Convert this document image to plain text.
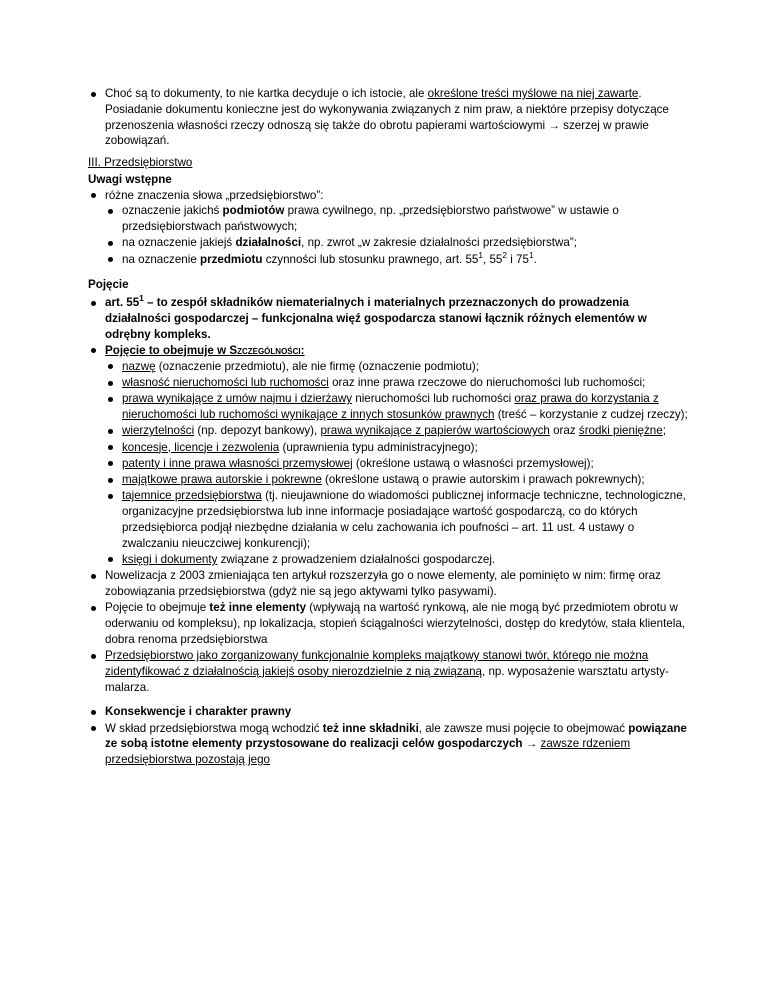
Choć są to dokumenty, to nie kartka decyduje o ich istocie, ale określone treści myślowe na niej zawarte. Posiadanie dokumentu konieczne jest do wykonywania związanych z nim praw, a niektóre przepisy dotyczące przenoszenia własności rzeczy odnoszą się także do obrotu papierami wartościowymi → szerzej w prawie zobowiązań.
III. Przedsiębiorstwo
Uwagi wstępne
różne znaczenia słowa „przedsiębiorstwo”:
oznaczenie jakichś podmiotów prawa cywilnego, np. „przedsiębiorstwo państwowe” w ustawie o przedsiębiorstwach państwowych;
na oznaczenie jakiejś działalności, np. zwrot „w zakresie działalności przedsiębiorstwa”;
na oznaczenie przedmiotu czynności lub stosunku prawnego, art. $55^1$, $55^2$ i $75^1$.
Pojęcie
art. $55^1$ – to zespół składników niematerialnych i materialnych przeznaczonych do prowadzenia działalności gospodarczej – funkcjonalna więź gospodarcza stanowi łącznik różnych elementów w odrębny kompleks.
Pojęcie to obejmuje w Szczególności:
nazwę (oznaczenie przedmiotu), ale nie firmę (oznaczenie podmiotu);
własność nieruchomości lub ruchomości oraz inne prawa rzeczowe do nieruchomości lub ruchomości;
prawa wynikające z umów najmu i dzierżawy nieruchomości lub ruchomości oraz prawa do korzystania z nieruchomości lub ruchomości wynikające z innych stosunków prawnych (treść – korzystanie z cudzej rzeczy);
wierzytelności (np. depozyt bankowy), prawa wynikające z papierów wartościowych oraz środki pieniężne;
koncesje, licencje i zezwolenia (uprawnienia typu administracyjnego);
patenty i inne prawa własności przemysłowej (określone ustawą o własności przemysłowej);
majątkowe prawa autorskie i pokrewne (określone ustawą o prawie autorskim i prawach pokrewnych);
tajemnice przedsiębiorstwa (tj. nieujawnione do wiadomości publicznej informacje techniczne, technologiczne, organizacyjne przedsiębiorstwa lub inne informacje posiadające wartość gospodarczą, co do których przedsiębiorca podjął niezbędne działania w celu zachowania ich poufności – art. 11 ust. 4 ustawy o zwalczaniu nieuczciwej konkurencji);
księgi i dokumenty związane z prowadzeniem działalności gospodarczej.
Nowelizacja z 2003 zmieniająca ten artykuł rozszerzyła go o nowe elementy, ale pominięto w nim: firmę oraz zobowiązania przedsiębiorstwa (gdyż nie są jego aktywami tylko pasywami).
Pojęcie to obejmuje też inne elementy (wpływają na wartość rynkową, ale nie mogą być przedmiotem obrotu w oderwaniu od kompleksu), np lokalizacja, stopień ściągalności wierzytelności, dostęp do kredytów, stała klientela, dobra renoma przedsiębiorstwa
Przedsiębiorstwo jako zorganizowany funkcjonalnie kompleks majątkowy stanowi twór, którego nie można zidentyfikować z działalnością jakiejś osoby nierozdzielnie z nią związaną, np. wyposażenie warsztatu artysty-malarza.
Konsekwencje i charakter prawny
W skład przedsiębiorstwa mogą wchodzić też inne składniki, ale zawsze musi pojęcie to obejmować powiązane ze sobą istotne elementy przystosowane do realizacji celów gospodarczych → zawsze rdzeniem przedsiębiorstwa pozostają jego
